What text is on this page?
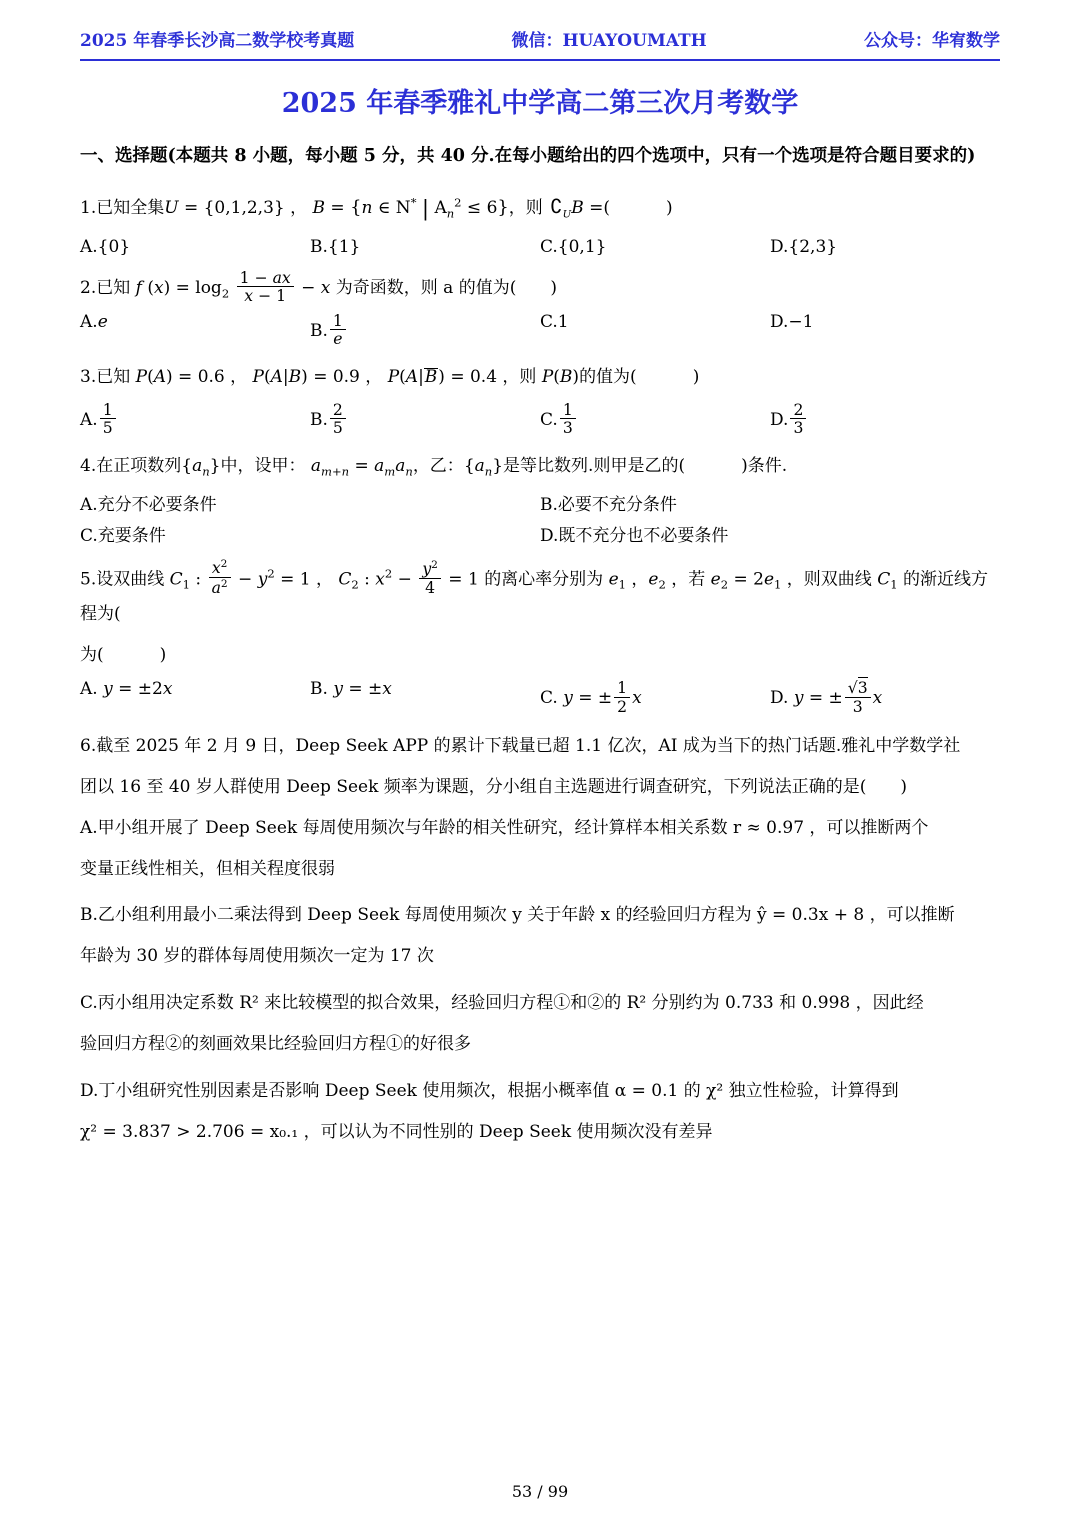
2025 年春季长沙高二数学校考真题	微信：HUAYOUMATH	公众号：华宥数学
2025 年春季雅礼中学高二第三次月考数学
一、选择题(本题共 8 小题，每小题 5 分，共 40 分.在每小题给出的四个选项中，只有一个选项是符合题目要求的)
1.已知全集U = {0,1,2,3} ， B = {n ∈ N* | $A_n^2 \le 6$}，则 $∁_UB$ =(	)
A.{0}	B.{1}	C.{0,1}	D.{2,3}
2.已知 f $(x) = \log_2 \frac{1 - ax}{x - 1} - x$ 为奇函数，则 a 的值为( )
A.e	B. $\frac{1}{e}$	C.1	D.−1
3.已知 P(A) = 0.6 ， P(A|B) = 0.9 ， P(A|B) = 0.4 ，则 P(B)的值为(	)
A. $\frac{1}{5}$	B. $\frac{2}{5}$	C. $\frac{1}{3}$	D. $\frac{2}{3}$
4.在正项数列$\{a_n\}$中，设甲： $a_{m+n} = a_ma_n$，乙：$\{a_n\}$是等比数列.则甲是乙的(	)条件.
A.充分不必要条件	B.必要不充分条件
C.充要条件	D.既不充分也不必要条件
5.设双曲线 $C_1$ : $\frac{x^2}{a^2} - y^2 = 1$ ， $C_2$ : $x^2 - \frac{y^2}{4} = 1$ 的离心率分别为 $e_1$ ，$e_2$ ，若 $e_2 = 2e_1$ ，则双曲线 $C_1$ 的渐近线方程为(
为(	)
A. y = ±2x	B. y = ±x	C. y = ± $\frac{1}{2}$ x	D. y = ± $\frac{√3}{3}$ x
6.截至 2025 年 2 月 9 日，Deep Seek APP 的累计下载量已超 1.1 亿次，AI 成为当下的热门话题.雅礼中学数学社
团以 16 至 40 岁人群使用 Deep Seek 频率为课题，分小组自主选题进行调查研究，下列说法正确的是(　　)
A.甲小组开展了 Deep Seek 每周使用频次与年龄的相关性研究，经计算样本相关系数 r ≈ 0.97 ，可以推断两个
变量正线性相关，但相关程度很弱
B.乙小组利用最小二乘法得到 Deep Seek 每周使用频次 y 关于年龄 x 的经验回归方程为 ŷ = 0.3x + 8 ，可以推断
年龄为 30 岁的群体每周使用频次一定为 17 次
C.丙小组用决定系数 R² 来比较模型的拟合效果，经验回归方程①和②的 R² 分别约为 0.733 和 0.998 ，因此经
验回归方程②的刻画效果比经验回归方程①的好很多
D.丁小组研究性别因素是否影响 Deep Seek 使用频次，根据小概率值 α = 0.1 的 χ² 独立性检验，计算得到
χ² = 3.837 > 2.706 = x₀.₁ ，可以认为不同性别的 Deep Seek 使用频次没有差异
53 / 99
